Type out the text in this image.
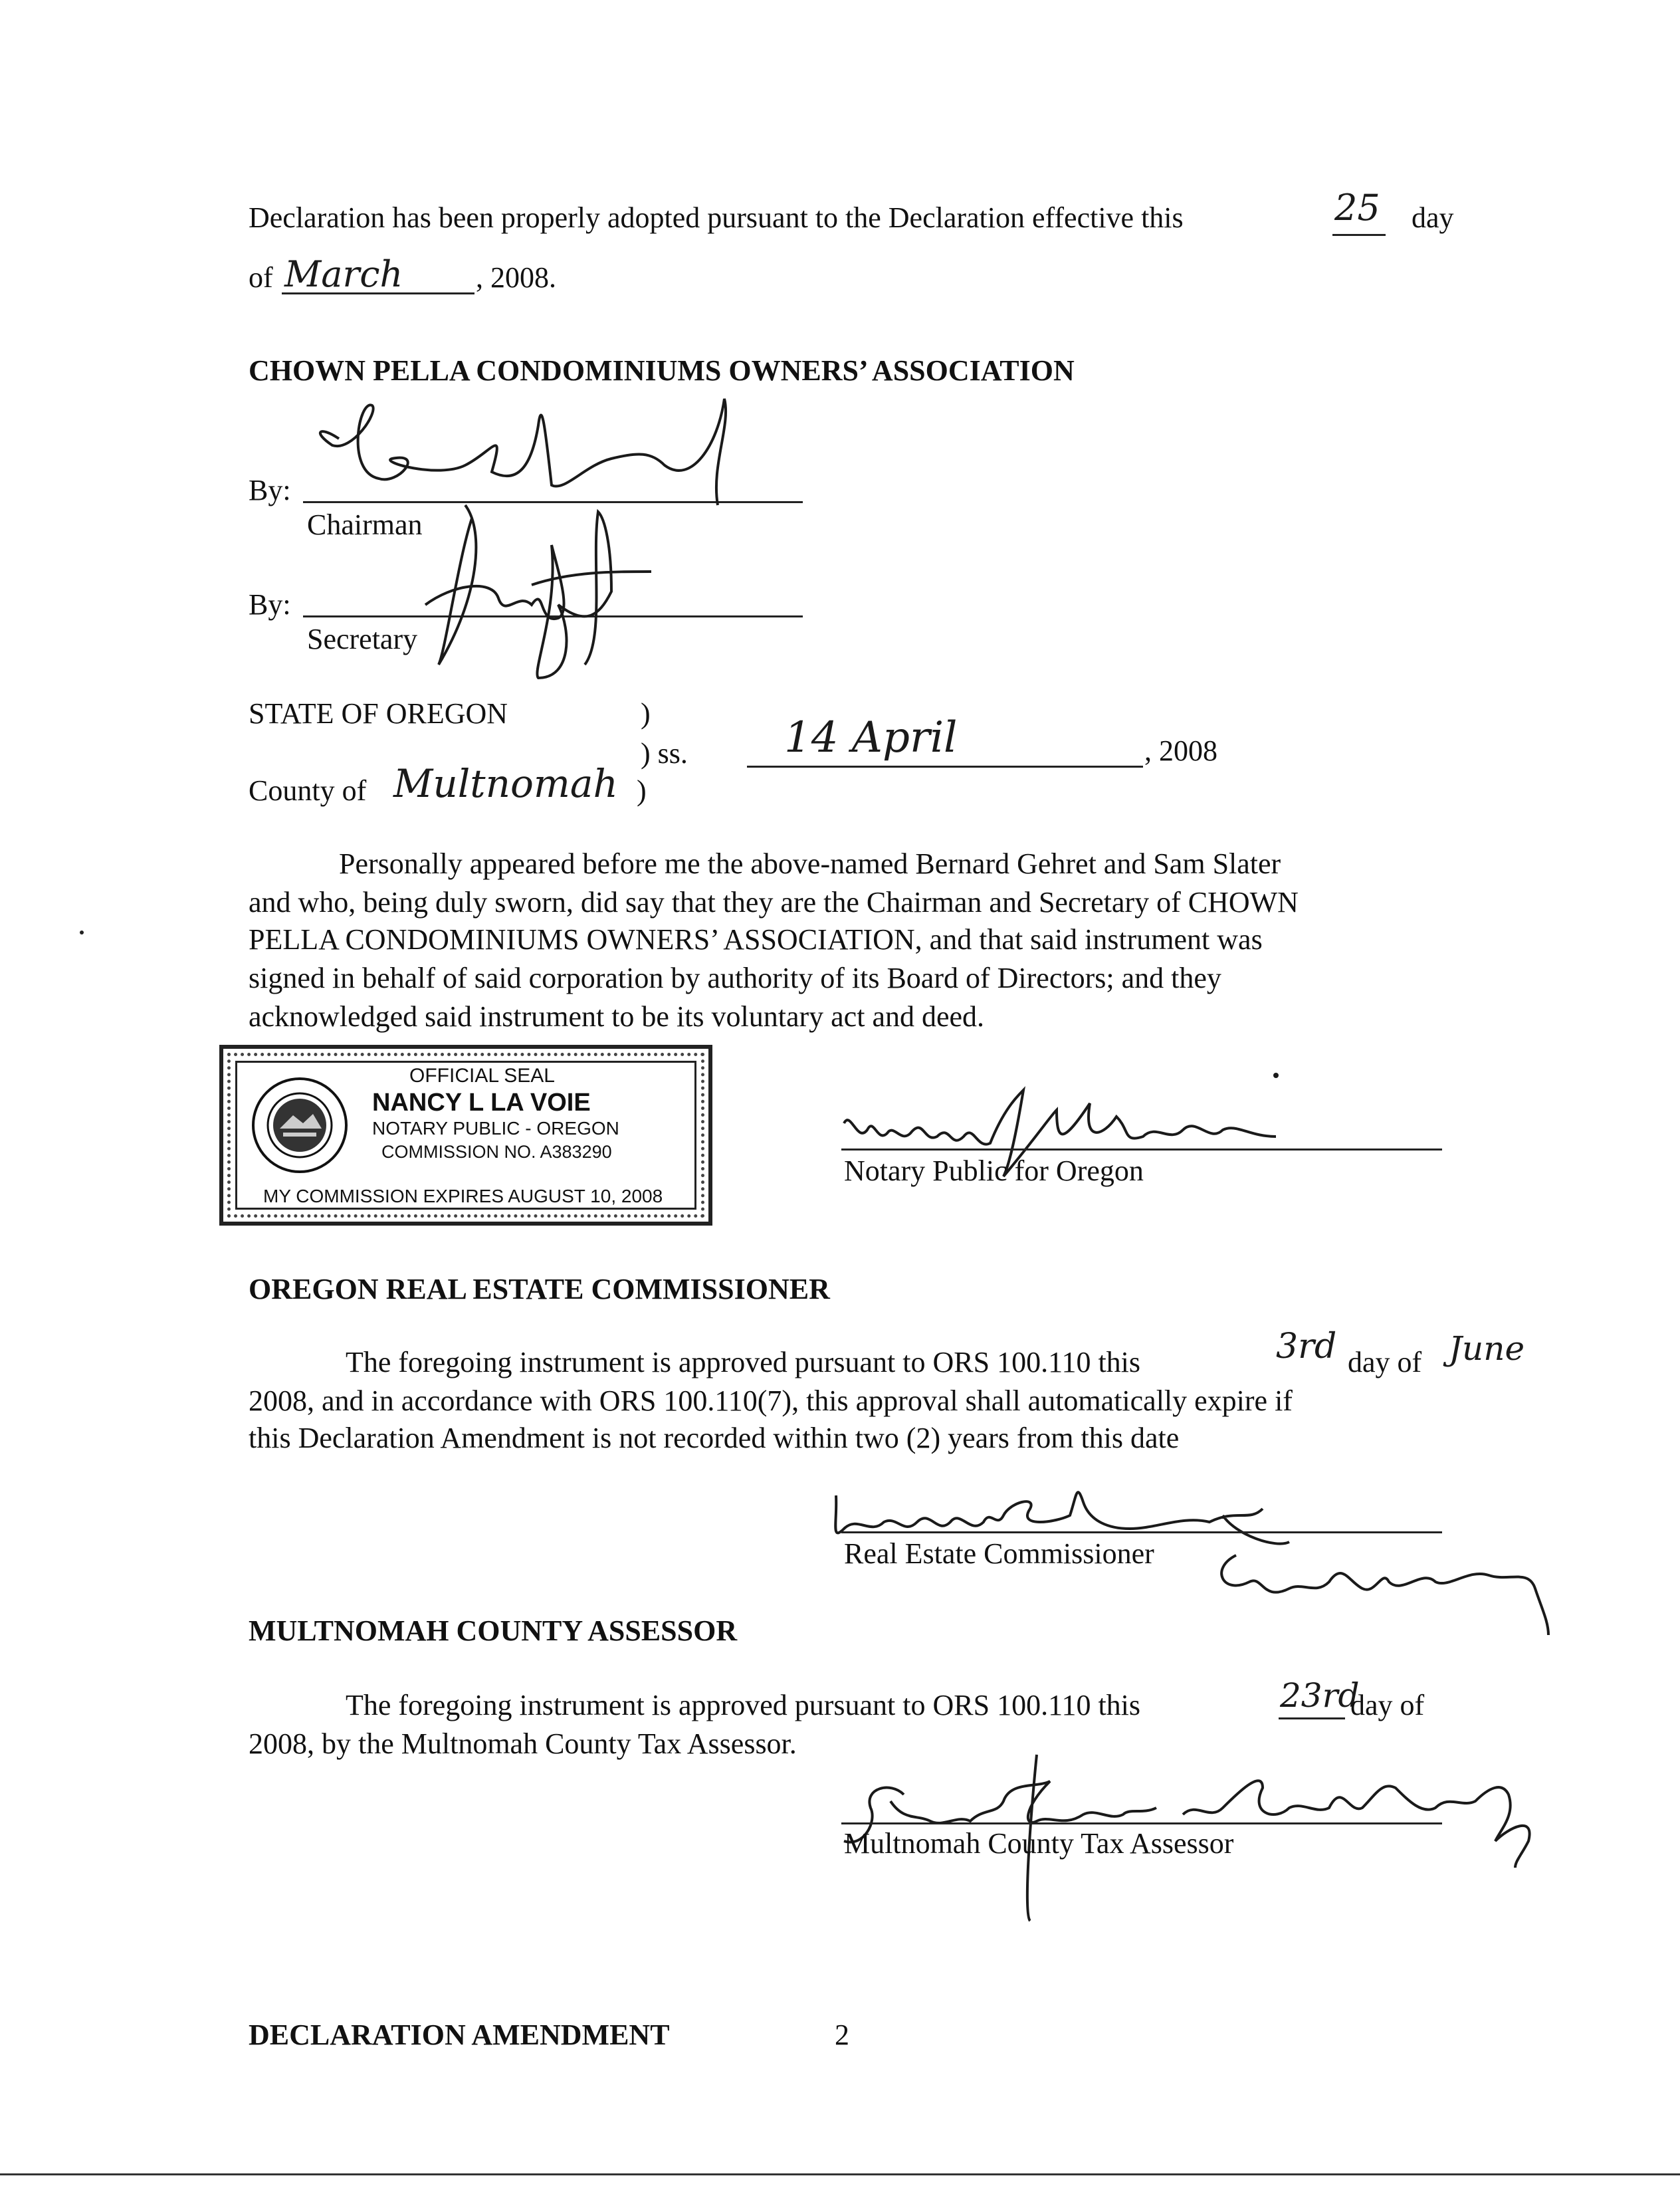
Declaration has been properly adopted pursuant to the Declaration effective this	25 day
of March , 2008.
CHOWN PELLA CONDOMINIUMS OWNERS’ ASSOCIATION
By:
Chairman
By:
Secretary
STATE OF OREGON	)
) ss. 14 April	, 2008
County of Multnomah )
Personally appeared before me the above-named Bernard Gehret and Sam Slater
and who, being duly sworn, did say that they are the Chairman and Secretary of CHOWN
PELLA CONDOMINIUMS OWNERS’ ASSOCIATION, and that said instrument was
signed in behalf of said corporation by authority of its Board of Directors; and they
acknowledged said instrument to be its voluntary act and deed.
OFFICIAL SEAL
NANCY L LA VOIE
NOTARY PUBLIC - OREGON
COMMISSION NO. A383290
MY COMMISSION EXPIRES AUGUST 10, 2008
Notary Public for Oregon
OREGON REAL ESTATE COMMISSIONER
The foregoing instrument is approved pursuant to ORS 100.110 this	3rd day of June
2008, and in accordance with ORS 100.110(7), this approval shall automatically expire if
this Declaration Amendment is not recorded within two (2) years from this date
Real Estate Commissioner
MULTNOMAH COUNTY ASSESSOR
The foregoing instrument is approved pursuant to ORS 100.110 this	23rd
day of
2008, by the Multnomah County Tax Assessor.
Multnomah County Tax Assessor
DECLARATION AMENDMENT	2
